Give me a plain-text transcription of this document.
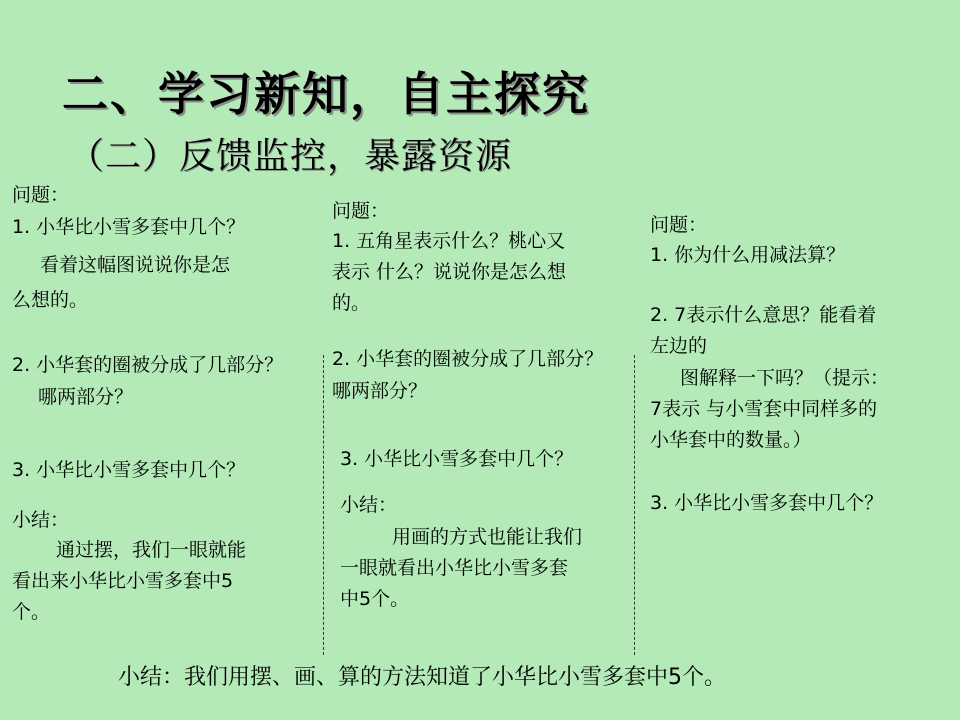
二、学习新知，自主探究
（二）反馈监控，暴露资源

问题：

1. 小华比小雪多套中几个？

看着这幅图说说你是怎

么想的。

2. 小华套的圈被分成了几部分？

哪两部分？

3. 小华比小雪多套中几个？

小结：

通过摆，我们一眼就能

看出来小华比小雪多套中5

个。

问题：

1. 五角星表示什么？桃心又

表示 什么？说说你是怎么想

的。

2. 小华套的圈被分成了几部分？

哪两部分？

3. 小华比小雪多套中几个？

小结：

用画的方式也能让我们

一眼就看出小华比小雪多套

中5个。

问题：

1. 你为什么用减法算？

2. 7表示什么意思？能看着

左边的

图解释一下吗？（提示：

7表示 与小雪套中同样多的

小华套中的数量。）

3. 小华比小雪多套中几个？

小结：我们用摆、画、算的方法知道了小华比小雪多套中5个。
